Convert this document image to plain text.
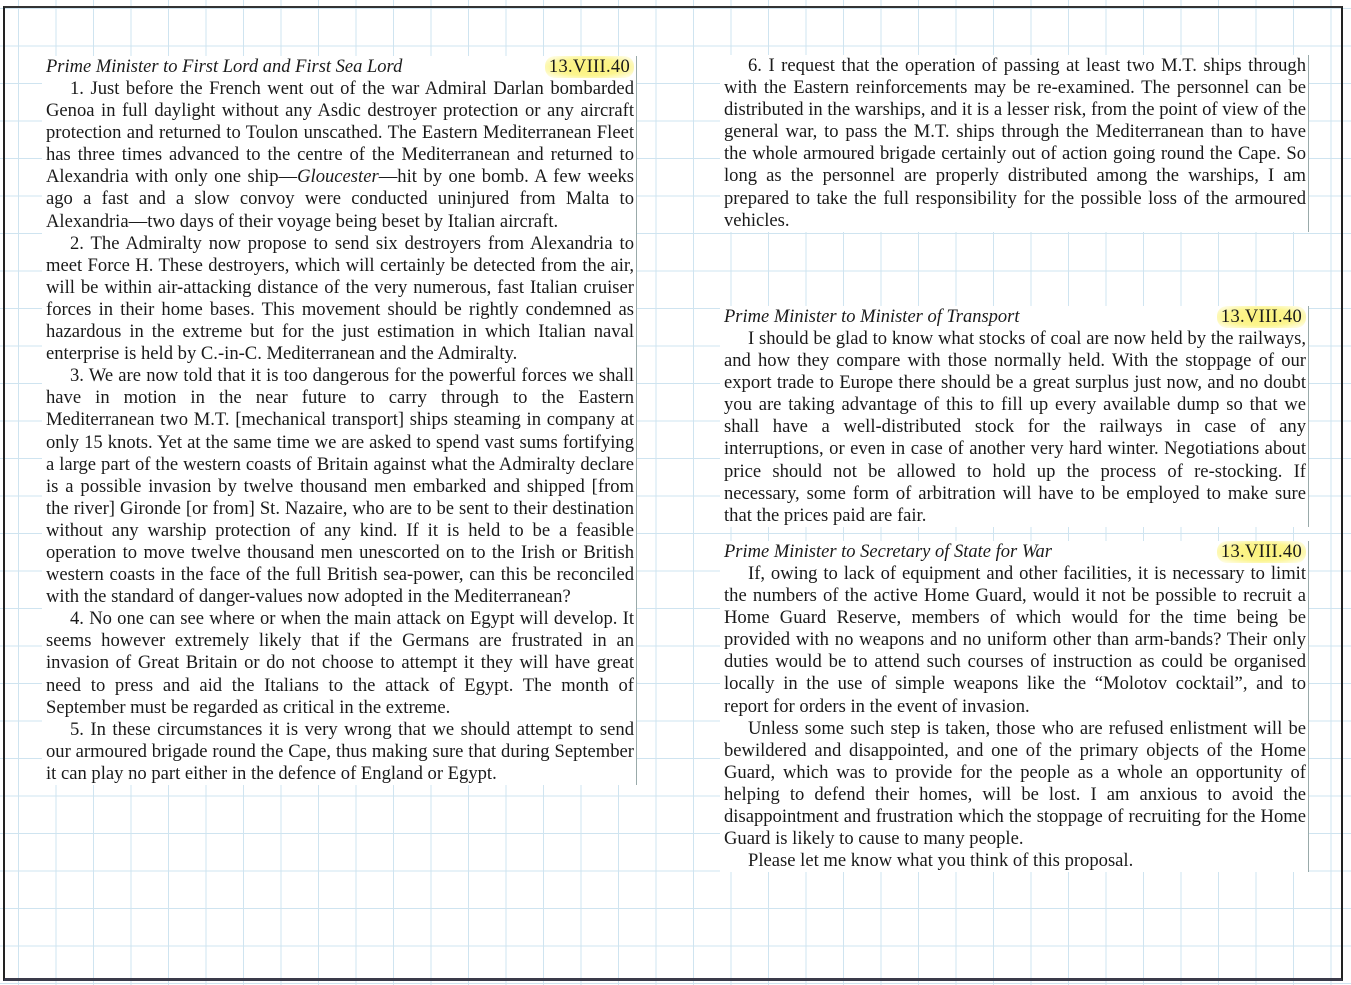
Prime Minister to First Lord and First Sea Lord	13.VIII.40

1. Just before the French went out of the war Admiral Darlan bombarded Genoa in full daylight without any Asdic destroyer protection or any aircraft protection and returned to Toulon unscathed. The Eastern Mediterranean Fleet has three times advanced to the centre of the Mediterranean and returned to Alexandria with only one ship—Gloucester—hit by one bomb. A few weeks ago a fast and a slow convoy were conducted uninjured from Malta to Alexandria—two days of their voyage being beset by Italian aircraft.

2. The Admiralty now propose to send six destroyers from Alexandria to meet Force H. These destroyers, which will certainly be detected from the air, will be within air-attacking distance of the very numerous, fast Italian cruiser forces in their home bases. This movement should be rightly condemned as hazardous in the extreme but for the just estimation in which Italian naval enterprise is held by C.-in-C. Mediterranean and the Admiralty.

3. We are now told that it is too dangerous for the powerful forces we shall have in motion in the near future to carry through to the Eastern Mediterranean two M.T. [mechanical transport] ships steaming in company at only 15 knots. Yet at the same time we are asked to spend vast sums fortifying a large part of the western coasts of Britain against what the Admiralty declare is a possible invasion by twelve thousand men embarked and shipped [from the river] Gironde [or from] St. Nazaire, who are to be sent to their destination without any warship protection of any kind. If it is held to be a feasible operation to move twelve thousand men unescorted on to the Irish or British western coasts in the face of the full British sea-power, can this be reconciled with the standard of danger-values now adopted in the Mediterranean?

4. No one can see where or when the main attack on Egypt will develop. It seems however extremely likely that if the Germans are frustrated in an invasion of Great Britain or do not choose to attempt it they will have great need to press and aid the Italians to the attack of Egypt. The month of September must be regarded as critical in the extreme.

5. In these circumstances it is very wrong that we should attempt to send our armoured brigade round the Cape, thus making sure that during September it can play no part either in the defence of England or Egypt.

6. I request that the operation of passing at least two M.T. ships through with the Eastern reinforcements may be re-examined. The personnel can be distributed in the warships, and it is a lesser risk, from the point of view of the general war, to pass the M.T. ships through the Mediterranean than to have the whole armoured brigade certainly out of action going round the Cape. So long as the personnel are properly distributed among the warships, I am prepared to take the full responsibility for the possible loss of the armoured vehicles.

Prime Minister to Minister of Transport	13.VIII.40

I should be glad to know what stocks of coal are now held by the railways, and how they compare with those normally held. With the stoppage of our export trade to Europe there should be a great surplus just now, and no doubt you are taking advantage of this to fill up every available dump so that we shall have a well-distributed stock for the railways in case of any interruptions, or even in case of another very hard winter. Negotiations about price should not be allowed to hold up the process of re-stocking. If necessary, some form of arbitration will have to be employed to make sure that the prices paid are fair.

Prime Minister to Secretary of State for War	13.VIII.40

If, owing to lack of equipment and other facilities, it is necessary to limit the numbers of the active Home Guard, would it not be possible to recruit a Home Guard Reserve, members of which would for the time being be provided with no weapons and no uniform other than arm-bands? Their only duties would be to attend such courses of instruction as could be organised locally in the use of simple weapons like the “Molotov cocktail”, and to report for orders in the event of invasion.

Unless some such step is taken, those who are refused enlistment will be bewildered and disappointed, and one of the primary objects of the Home Guard, which was to provide for the people as a whole an opportunity of helping to defend their homes, will be lost. I am anxious to avoid the disappointment and frustration which the stoppage of recruiting for the Home Guard is likely to cause to many people.

Please let me know what you think of this proposal.
